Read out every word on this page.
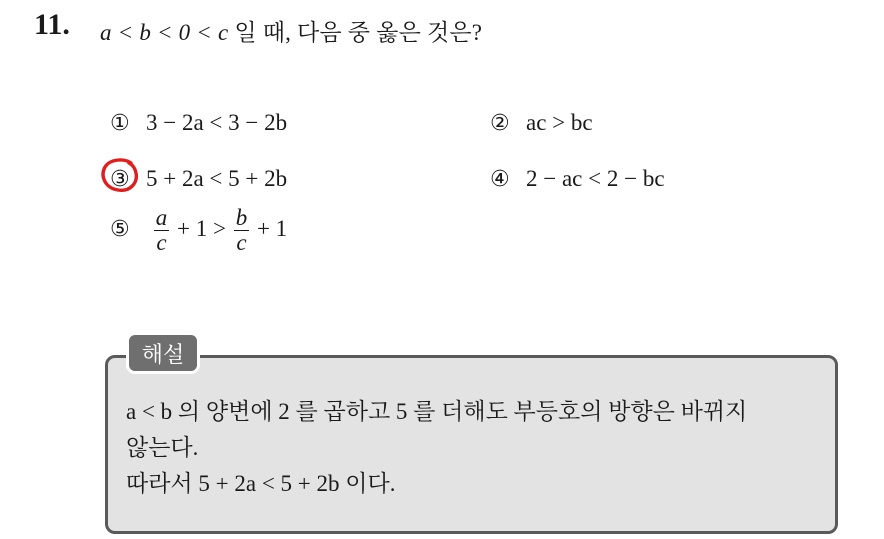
11. a < b < 0 < c 일 때, 다음 중 옳은 것은?
① 3 − 2a < 3 − 2b	② ac > bc
③ 5 + 2a < 5 + 2b	④ 2 − ac < 2 − bc
⑤ $\frac{a}{c} + 1 > \frac{b}{c} + 1$
해설
a < b 의 양변에 2 를 곱하고 5 를 더해도 부등호의 방향은 바뀌지
않는다.
따라서 5 + 2a < 5 + 2b 이다.
